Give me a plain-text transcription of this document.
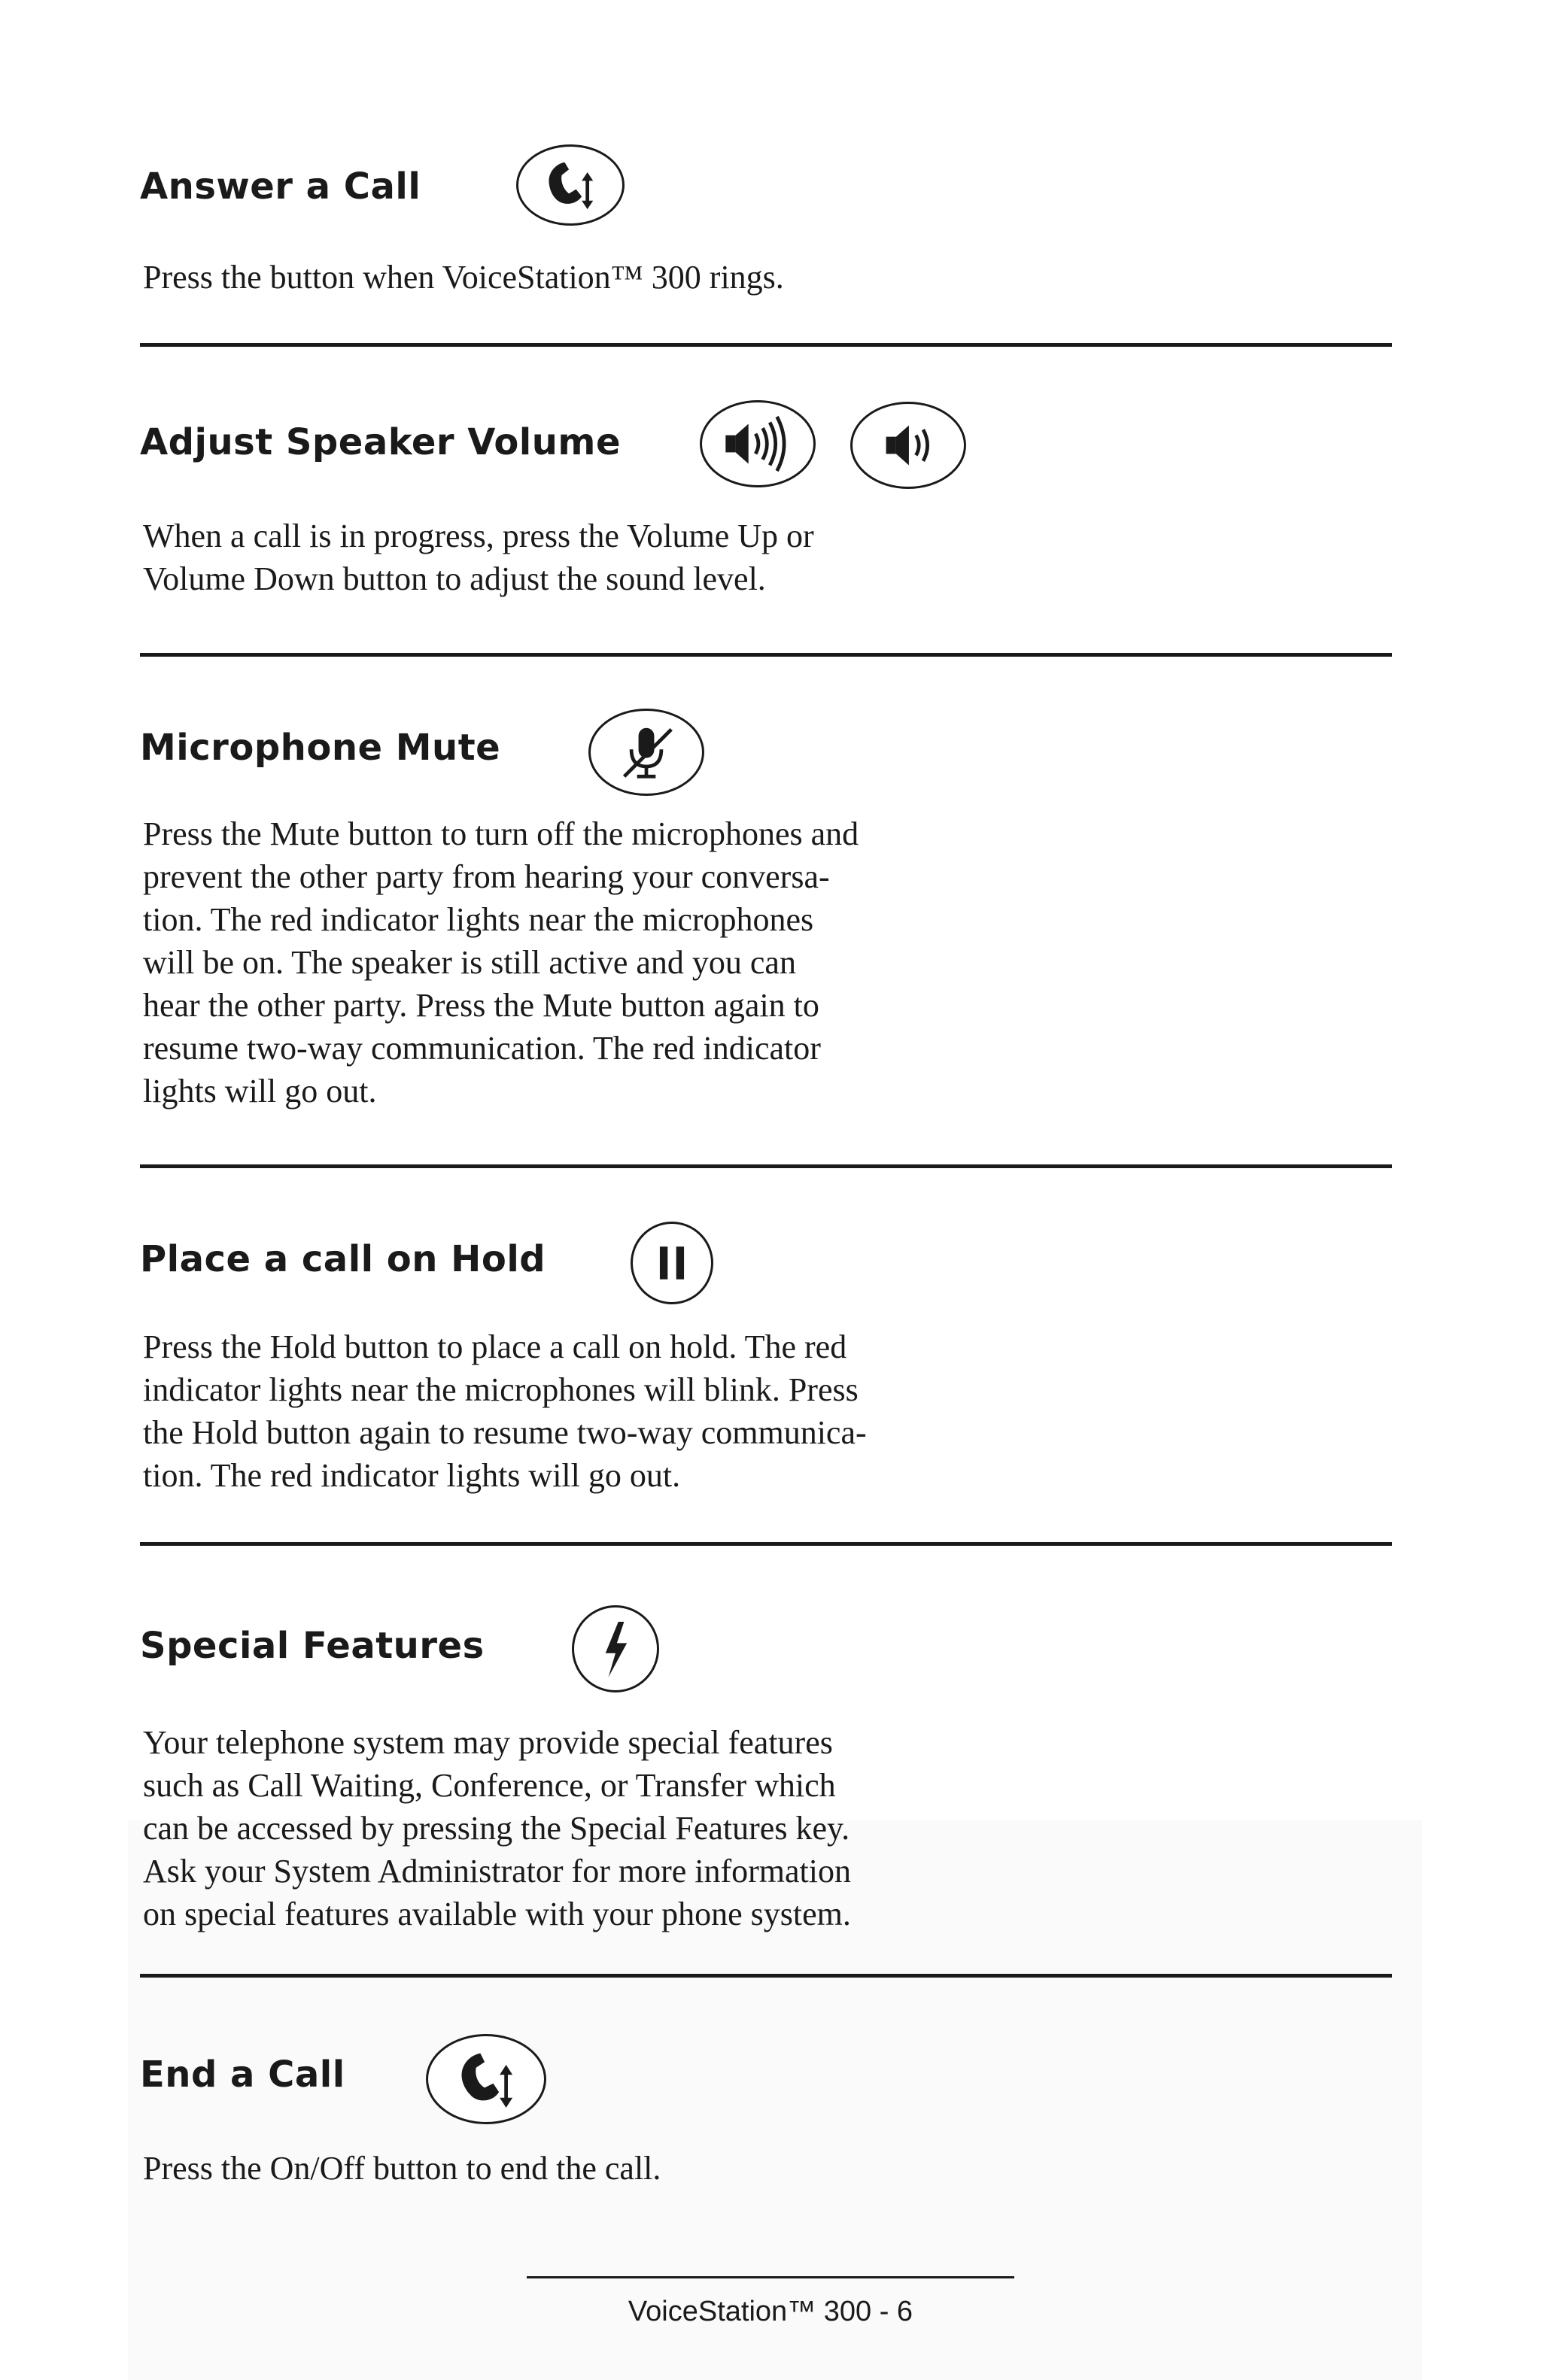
Answer a Call
Press the button when VoiceStation™ 300 rings.
Adjust Speaker Volume
When a call is in progress, press the Volume Up or
Volume Down button to adjust the sound level.
Microphone Mute
Press the Mute button to turn off the microphones and
prevent the other party from hearing your conversa-
tion. The red indicator lights near the microphones
will be on. The speaker is still active and you can
hear the other party. Press the Mute button again to
resume two-way communication. The red indicator
lights will go out.
Place a call on Hold
Press the Hold button to place a call on hold. The red
indicator lights near the microphones will blink. Press
the Hold button again to resume two-way communica-
tion. The red indicator lights will go out.
Special Features
Your telephone system may provide special features
such as Call Waiting, Conference, or Transfer which
can be accessed by pressing the Special Features key.
Ask your System Administrator for more information
on special features available with your phone system.
End a Call
Press the On/Off button to end the call.
VoiceStation™ 300 - 6
